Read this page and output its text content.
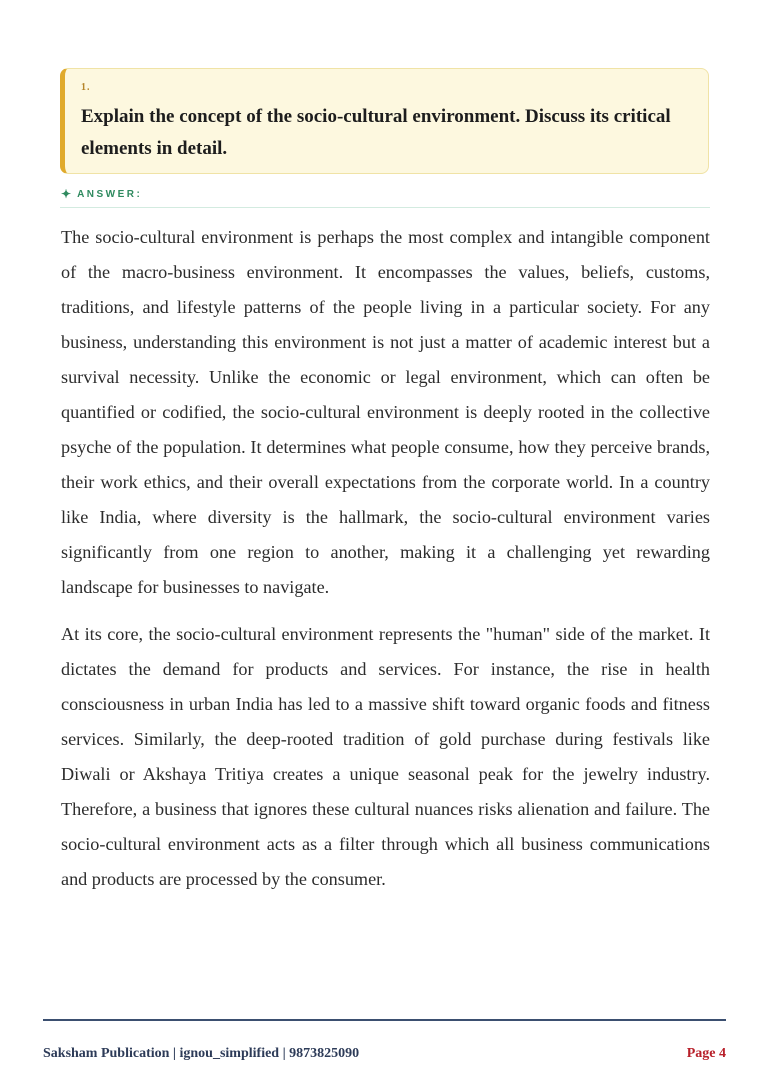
1.
Explain the concept of the socio-cultural environment. Discuss its critical elements in detail.
✦ ANSWER:

The socio-cultural environment is perhaps the most complex and intangible component of the macro-business environment. It encompasses the values, beliefs, customs, traditions, and lifestyle patterns of the people living in a particular society. For any business, understanding this environment is not just a matter of academic interest but a survival necessity. Unlike the economic or legal environment, which can often be quantified or codified, the socio-cultural environment is deeply rooted in the collective psyche of the population. It determines what people consume, how they perceive brands, their work ethics, and their overall expectations from the corporate world. In a country like India, where diversity is the hallmark, the socio-cultural environment varies significantly from one region to another, making it a challenging yet rewarding landscape for businesses to navigate.

At its core, the socio-cultural environment represents the "human" side of the market. It dictates the demand for products and services. For instance, the rise in health consciousness in urban India has led to a massive shift toward organic foods and fitness services. Similarly, the deep-rooted tradition of gold purchase during festivals like Diwali or Akshaya Tritiya creates a unique seasonal peak for the jewelry industry. Therefore, a business that ignores these cultural nuances risks alienation and failure. The socio-cultural environment acts as a filter through which all business communications and products are processed by the consumer.

Saksham Publication | ignou_simplified | 9873825090	Page 4
